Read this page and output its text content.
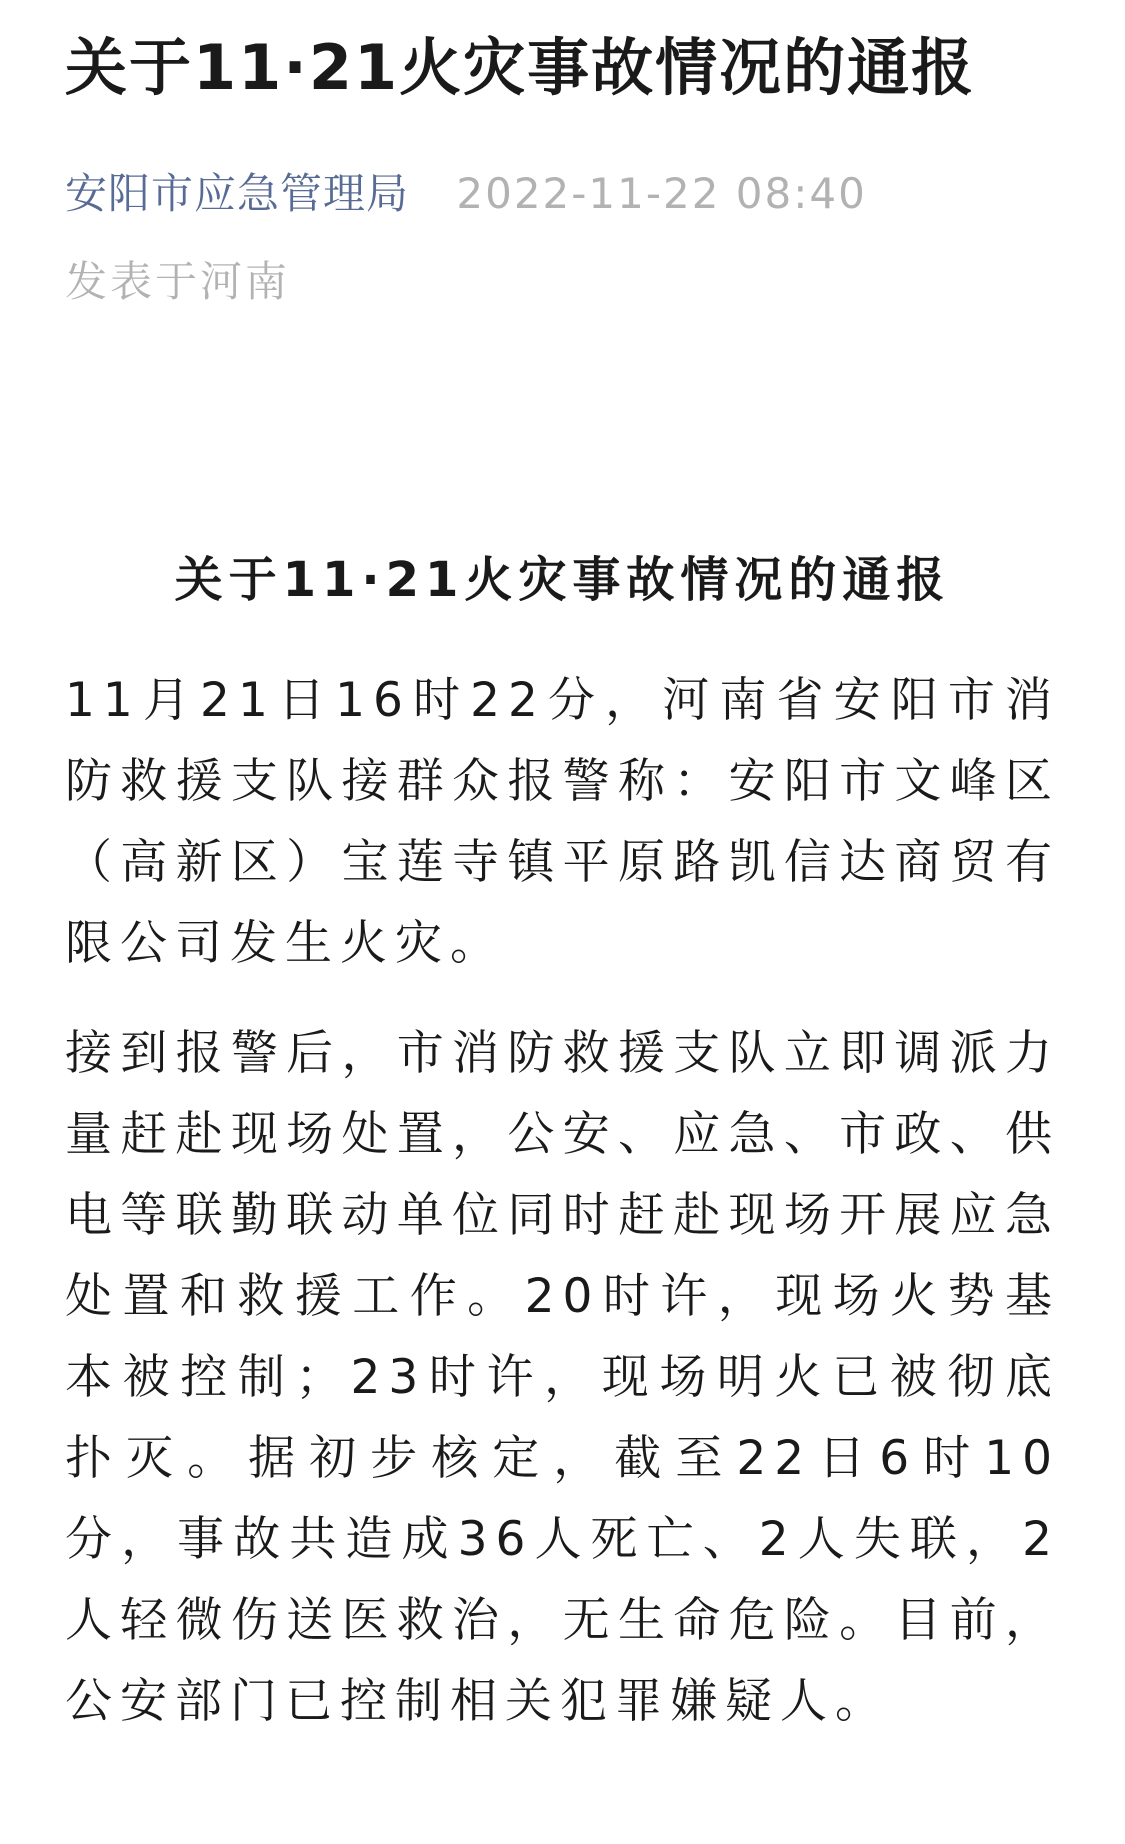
关于11·21火灾事故情况的通报
安阳市应急管理局 2022-11-22 08:40
发表于河南
关于11·21火灾事故情况的通报

11月21日16时22分，河南省安阳市消防救援支队接群众报警称：安阳市文峰区（高新区）宝莲寺镇平原路凯信达商贸有限公司发生火灾。

接到报警后，市消防救援支队立即调派力量赶赴现场处置，公安、应急、市政、供电等联勤联动单位同时赶赴现场开展应急处置和救援工作。20时许，现场火势基本被控制；23时许，现场明火已被彻底扑灭。据初步核定，截至22日6时10分，事故共造成36人死亡、2人失联，2人轻微伤送医救治，无生命危险。目前，公安部门已控制相关犯罪嫌疑人。
